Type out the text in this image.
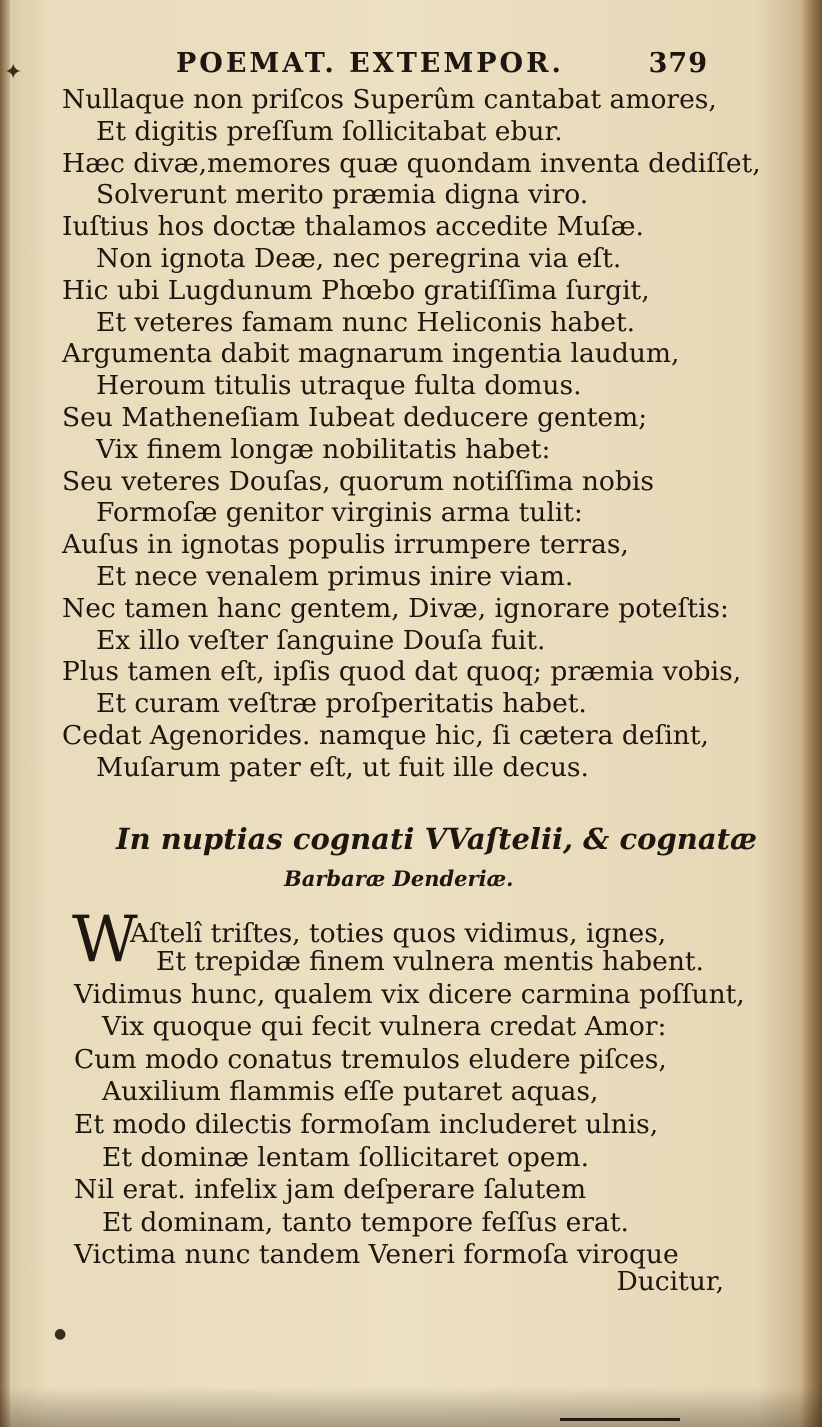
POEMAT. EXTEMPOR.	379
Nullaque non priſcos Superûm cantabat amores,
Et digitis preſſum ſollicitabat ebur.
Hæc divæ,memores quæ quondam inventa dediſſet,
Solverunt merito præmia digna viro.
Iuſtius hos doctæ thalamos accedite Muſæ.
Non ignota Deæ, nec peregrina via eſt.
Hic ubi Lugdunum Phœbo gratiſſima ſurgit,
Et veteres famam nunc Heliconis habet.
Argumenta dabit magnarum ingentia laudum,
Heroum titulis utraque fulta domus.
Seu Matheneſiam Iubeat deducere gentem;
Vix finem longæ nobilitatis habet:
Seu veteres Douſas, quorum notiſſima nobis
Formoſæ genitor virginis arma tulit:
Auſus in ignotas populis irrumpere terras,
Et nece venalem primus inire viam.
Nec tamen hanc gentem, Divæ, ignorare poteſtis:
Ex illo veſter ſanguine Douſa fuit.
Plus tamen eſt, ipſis quod dat quoq; præmia vobis,
Et curam veſtræ proſperitatis habet.
Cedat Agenorides. namque hic, ſi cætera deſint,
Muſarum pater eſt, ut fuit ille decus.
In nuptias cognati VVaſtelii, & cognatæ
Barbaræ Denderiæ.
W
Aſtelî triſtes, toties quos vidimus, ignes,
Et trepidæ finem vulnera mentis habent.
Vidimus hunc, qualem vix dicere carmina poſſunt,
Vix quoque qui fecit vulnera credat Amor:
Cum modo conatus tremulos eludere piſces,
Auxilium flammis eſſe putaret aquas,
Et modo dilectis formoſam includeret ulnis,
Et dominæ lentam ſollicitaret opem.
Nil erat. infelix jam deſperare ſalutem
Et dominam, tanto tempore feſſus erat.
Victima nunc tandem Veneri formoſa viroque
Ducitur,
✦
●
